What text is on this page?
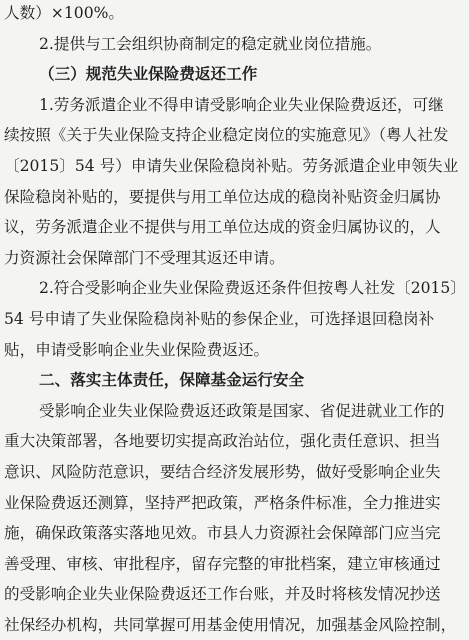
人数）×100%。
2.提供与工会组织协商制定的稳定就业岗位措施。
（三）规范失业保险费返还工作
1.劳务派遣企业不得申请受影响企业失业保险费返还，可继
续按照《关于失业保险支持企业稳定岗位的实施意见》（粤人社发
〔2015〕54 号）申请失业保险稳岗补贴。劳务派遣企业申领失业
保险稳岗补贴的，要提供与用工单位达成的稳岗补贴资金归属协
议，劳务派遣企业不提供与用工单位达成的资金归属协议的，人
力资源社会保障部门不受理其返还申请。
2.符合受影响企业失业保险费返还条件但按粤人社发〔2015〕
54 号申请了失业保险稳岗补贴的参保企业，可选择退回稳岗补
贴，申请受影响企业失业保险费返还。
二、落实主体责任，保障基金运行安全
受影响企业失业保险费返还政策是国家、省促进就业工作的
重大决策部署，各地要切实提高政治站位，强化责任意识、担当
意识、风险防范意识，要结合经济发展形势，做好受影响企业失
业保险费返还测算，坚持严把政策，严格条件标准，全力推进实
施，确保政策落实落地见效。市县人力资源社会保障部门应当完
善受理、审核、审批程序，留存完整的审批档案，建立审核通过
的受影响企业失业保险费返还工作台账，并及时将核发情况抄送
社保经办机构，共同掌握可用基金使用情况，加强基金风险控制，
